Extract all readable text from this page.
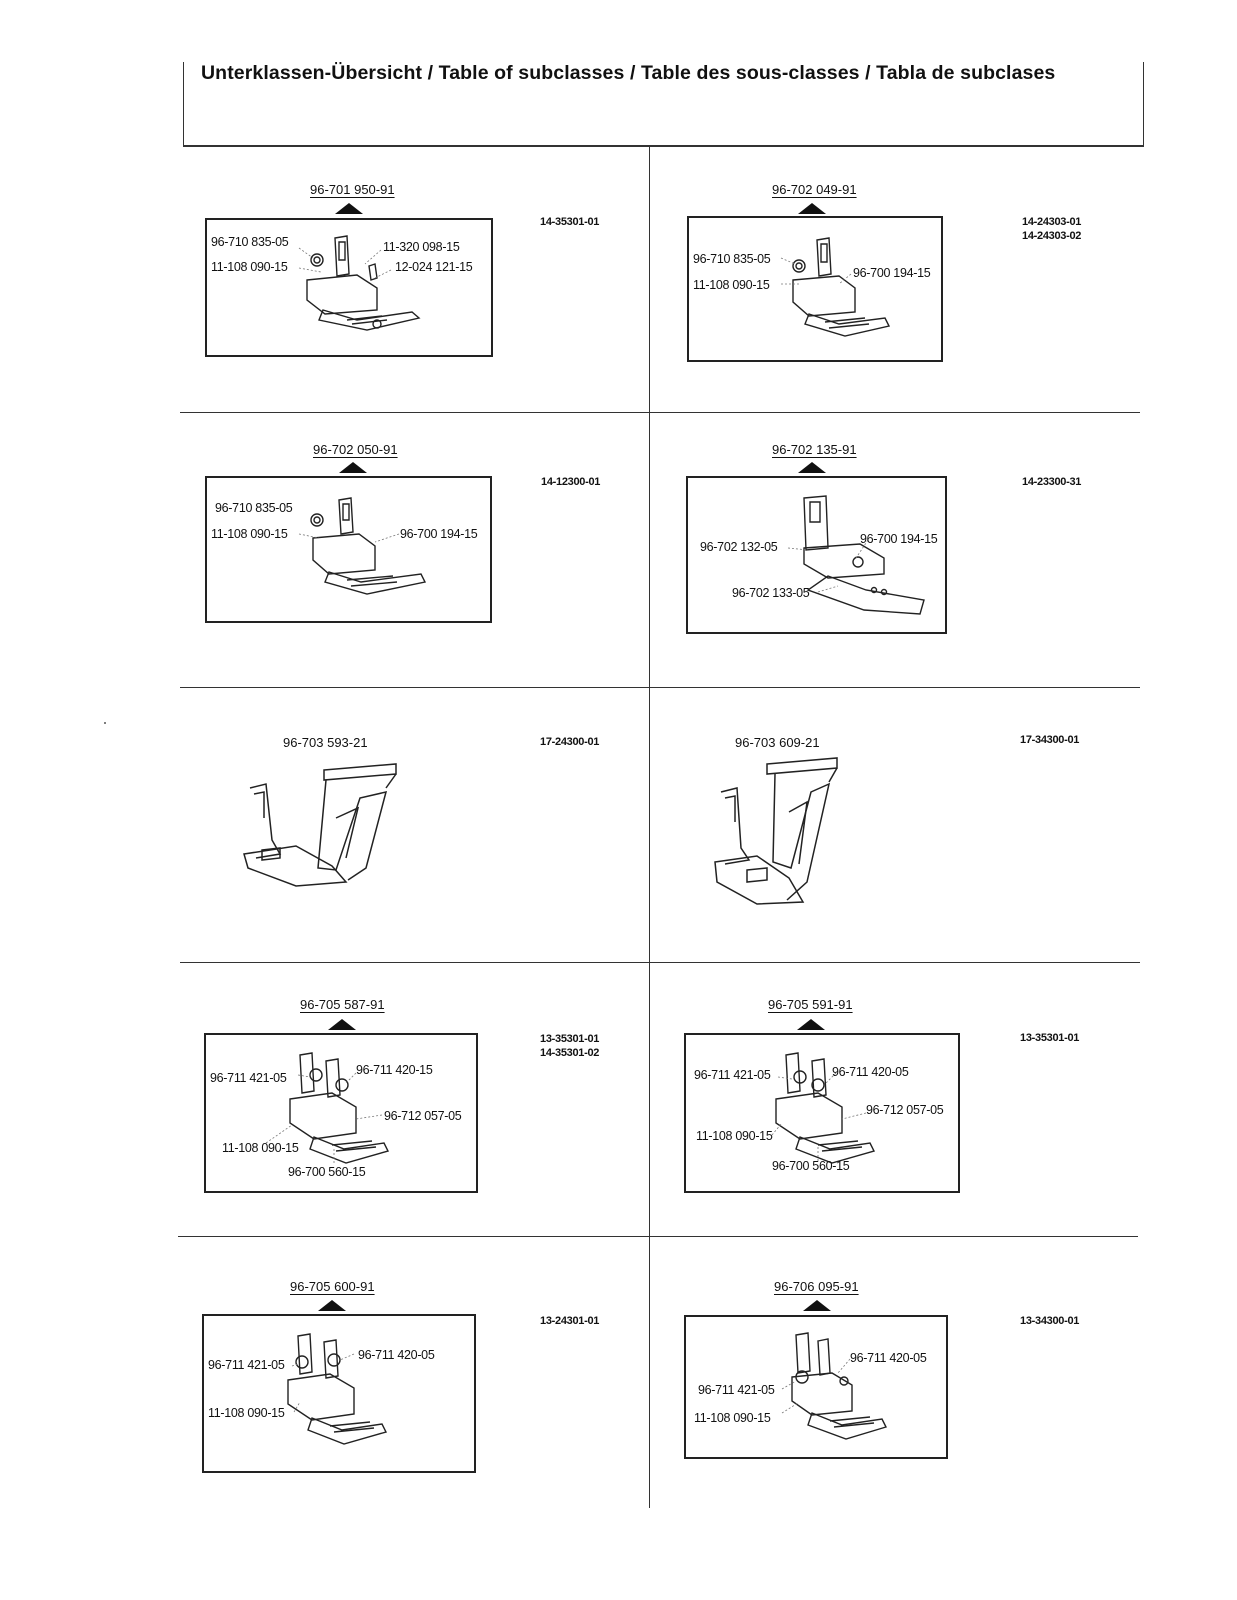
Unterklassen-Übersicht / Table of subclasses / Table des sous-classes / Tabla de subclases
96-701 950-91
96-710 835-05
11-108 090-15
11-320 098-15
12-024 121-15
14-35301-01
96-702 049-91
96-710 835-05
11-108 090-15
96-700 194-15
14-24303-01
14-24303-02
96-702 050-91
96-710 835-05
11-108 090-15	96-700 194-15
14-12300-01
96-702 135-91
96-702 132-05
96-700 194-15
96-702 133-05
14-23300-31
96-703 593-21	17-24300-01	96-703 609-21	17-34300-01
96-705 587-91
96-711 421-05
96-711 420-15
96-712 057-05
11-108 090-15
96-700 560-15
13-35301-01
14-35301-02
96-705 591-91
96-711 421-05	96-711 420-05
96-712 057-05
11-108 090-15
96-700 560-15
13-35301-01
96-705 600-91
96-711 421-05
96-711 420-05
11-108 090-15
13-24301-01
96-706 095-91
96-711 420-05
96-711 421-05
11-108 090-15
13-34300-01
